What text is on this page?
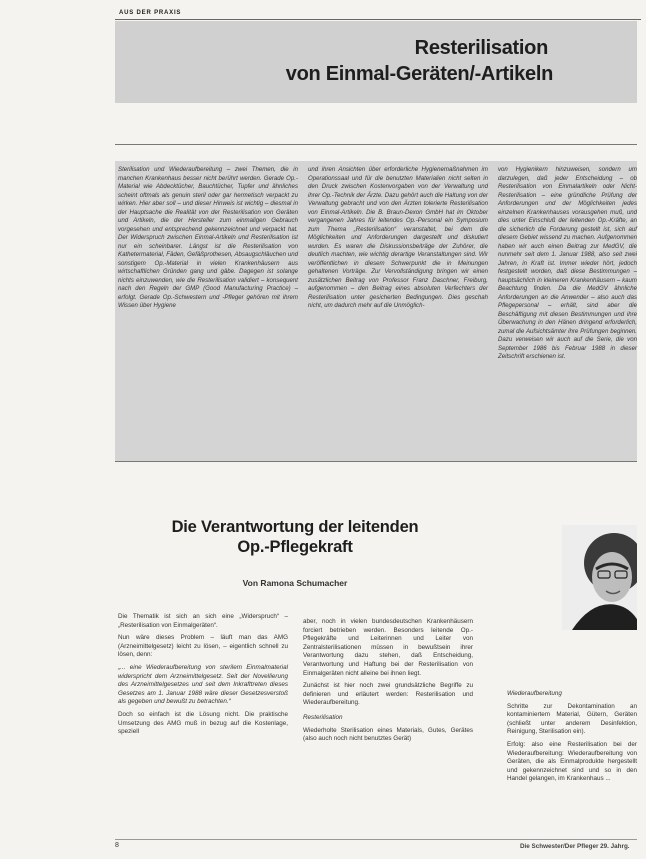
AUS DER PRAXIS
Resterilisation
von Einmal-Geräten/-Artikeln
Sterilisation und Wiederaufbereitung – zwei Themen, die in manchen Krankenhaus besser nicht berührt werden. Gerade Op.-Material wie Abdecktücher, Bauchtücher, Tupfer und ähnliches scheint oftmals als genuin steril oder gar hermetisch verpackt zu wirken. Hier aber soll – und dieser Hinweis ist wichtig – diesmal in der Hauptsache die Realität von der Resterilisation von Geräten und Artikeln, die der Hersteller zum einmaligen Gebrauch vorgesehen und entsprechend gekennzeichnet und verpackt hat. Der Widerspruch zwischen Einmal-Artikeln und Resterilisation ist nur ein scheinbarer. Längst ist die Resterilisation von Kathetermaterial, Fäden, Gefäßprothesen, Absaugschläuchen und sonstigem Op.-Material in vielen Krankenhäusern aus wirtschaftlichen Gründen gang und gäbe. Dagegen ist solange nichts einzuwenden, wie die Resterilisation validiert – konsequent nach den Regeln der GMP (Good Manufacturing Practice) – erfolgt. Gerade Op.-Schwestern und -Pfleger gehören mit ihrem Wissen über Hygiene
und ihren Ansichten über erforderliche Hygienemaßnahmen im Operationssaal und für die benutzten Materialien nicht selten in den Druck zwischen Kostenvorgaben von der Verwaltung und ihrer Op.-Technik der Ärzte. Dazu gehört auch die Haltung von der Verwaltung gebracht und von den Ärzten tolerierte Resterilisation von Einmal-Artikeln. Die B. Braun-Dexon GmbH hat im Oktober vergangenen Jahres für leitendes Op.-Personal ein Symposium zum Thema „Resterilisation“ veranstaltet, bei dem die Möglichkeiten und Anforderungen dargestellt und diskutiert wurden. Es waren die Diskussionsbeiträge der Zuhörer, die deutlich machten, wie wichtig derartige Veranstaltungen sind. Wir veröffentlichen in diesem Schwerpunkt die in Meinungen gehaltenen Vorträge. Zur Vervollständigung bringen wir einen zusätzlichen Beitrag von Professor Franz Daschner, Freiburg, aufgenommen – den Beitrag eines absoluten Verfechters der Resterilisation unter gesicherten Bedingungen. Dies geschah nicht, um dadurch mehr auf die Unmöglich-
von Hygienikern hinzuweisen, sondern um darzulegen, daß jeder Entscheidung – ob Resterilisation von Einmalartikeln oder Nicht-Resterilisation – eine gründliche Prüfung der Anforderungen und der Möglichkeiten jedes einzelnen Krankenhauses vorausgehen muß, und dies unter Einschluß der leitenden Op.-Kräfte, an die sicherlich die Forderung gestellt ist, sich auf diesem Gebiet wissend zu machen. Aufgenommen haben wir auch einen Beitrag zur MedGV, die nunmehr seit dem 1. Januar 1988, also seit zwei Jahren, in Kraft ist. Immer wieder hört, jedoch festgestellt worden, daß diese Bestimmungen – hauptsächlich in kleineren Krankenhäusern – kaum Beachtung finden. Da die MedGV ähnliche Anforderungen an die Anwender – also auch das Pflegepersonal – erhält, sind aber die Beschäftigung mit diesen Bestimmungen und ihre Überwachung in den Hänen dringend erforderlich, zumal die Aufsichtsämter ihre Prüfungen beginnen. Dazu verweisen wir auch auf die Serie, die von September 1986 bis Februar 1988 in dieser Zeitschrift erschienen ist.
Die Verantwortung der leitenden
Op.-Pflegekraft
Von Ramona Schumacher
Die Thematik ist sich an sich eine „Widerspruch“ – „Resterilisation von Einmalgeräten“.
Nun wäre dieses Problem – läuft man das AMG (Arzneimittelgesetz) leicht zu lösen, – eigentlich schnell zu lösen, denn:
„... eine Wiederaufbereitung von sterilem Einmalmaterial widerspricht dem Arzneimittelgesetz. Seit der Novellierung des Arzneimittelgesetzes und seit dem Inkrafttreten dieses Gesetzes am 1. Januar 1988 wäre dieser Gesetzesverstoß als gegeben und bewußt zu betrachten.“
Doch so einfach ist die Lösung nicht. Die praktische Umsetzung des AMG muß in bezug auf die Kostenlage, speziell
aber, noch in vielen bundesdeutschen Krankenhäusern forciert betrieben werden. Besonders leitende Op.-Pflegekräfte und Leiterinnen und Leiter von Zentralsterilisationen müssen in bewußtsein ihrer Verantwortung dazu stehen, daß Entscheidung, Verantwortung und Haftung bei der Resterilisation von Einmalgeräten nicht alleine bei ihnen liegt.
Zunächst ist hier noch zwei grundsätzliche Begriffe zu definieren und erläutert werden: Resterilisation und Wiederaufbereitung.
Resterilisation
Wiederholte Sterilisation eines Materials, Gutes, Gerätes (also auch noch nicht benutztes Gerät)
Wiederaufbereitung
Schritte zur Dekontamination an kontaminiertem Material, Gütern, Geräten (schließt unter anderem Desinfektion, Reinigung, Sterilisation ein).
Erfolg: also eine Resterilisation bei der Wiederaufbereitung: Wiederaufbereitung von Geräten, die als Einmalprodukte hergestellt und gekennzeichnet sind und so in den Handel gelangen, im Krankenhaus ...
8	Die Schwester/Der Pfleger 29. Jahrg.
